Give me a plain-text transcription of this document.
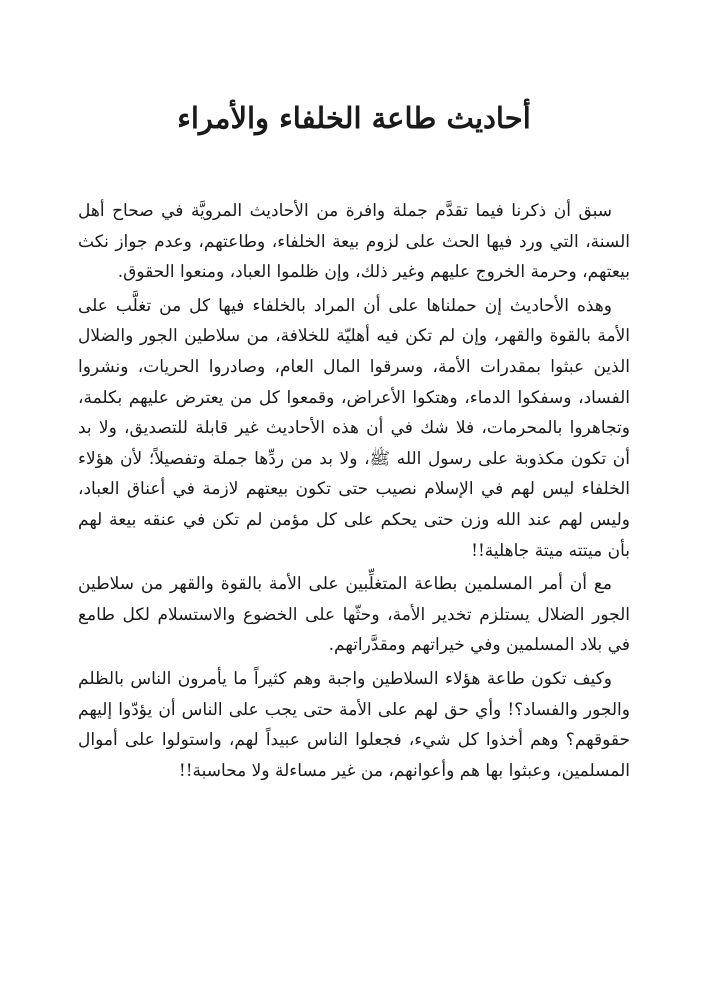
أحاديث طاعة الخلفاء والأمراء

سبق أن ذكرنا فيما تقدَّم جملة وافرة من الأحاديث المرويَّة في صحاح أهل السنة، التي ورد فيها الحث على لزوم بيعة الخلفاء، وطاعتهم، وعدم جواز نكث بيعتهم، وحرمة الخروج عليهم وغير ذلك، وإن ظلموا العباد، ومنعوا الحقوق.

وهذه الأحاديث إن حملناها على أن المراد بالخلفاء فيها كل من تغلَّب على الأمة بالقوة والقهر، وإن لم تكن فيه أهليّة للخلافة، من سلاطين الجور والضلال الذين عبثوا بمقدرات الأمة، وسرقوا المال العام، وصادروا الحريات، ونشروا الفساد، وسفكوا الدماء، وهتكوا الأعراض، وقمعوا كل من يعترض عليهم بكلمة، وتجاهروا بالمحرمات، فلا شك في أن هذه الأحاديث غير قابلة للتصديق، ولا بد أن تكون مكذوبة على رسول الله ﷺ، ولا بد من ردِّها جملة وتفصيلاً؛ لأن هؤلاء الخلفاء ليس لهم في الإسلام نصيب حتى تكون بيعتهم لازمة في أعناق العباد، وليس لهم عند الله وزن حتى يحكم على كل مؤمن لم تكن في عنقه بيعة لهم بأن ميتته ميتة جاهلية!!

مع أن أمر المسلمين بطاعة المتغلِّبين على الأمة بالقوة والقهر من سلاطين الجور الضلال يستلزم تخدير الأمة، وحثّها على الخضوع والاستسلام لكل طامع في بلاد المسلمين وفي خيراتهم ومقدَّراتهم.

وكيف تكون طاعة هؤلاء السلاطين واجبة وهم كثيراً ما يأمرون الناس بالظلم والجور والفساد؟! وأي حق لهم على الأمة حتى يجب على الناس أن يؤدّوا إليهم حقوقهم؟ وهم أخذوا كل شيء، فجعلوا الناس عبيداً لهم، واستولوا على أموال المسلمين، وعبثوا بها هم وأعوانهم، من غير مساءلة ولا محاسبة!!
